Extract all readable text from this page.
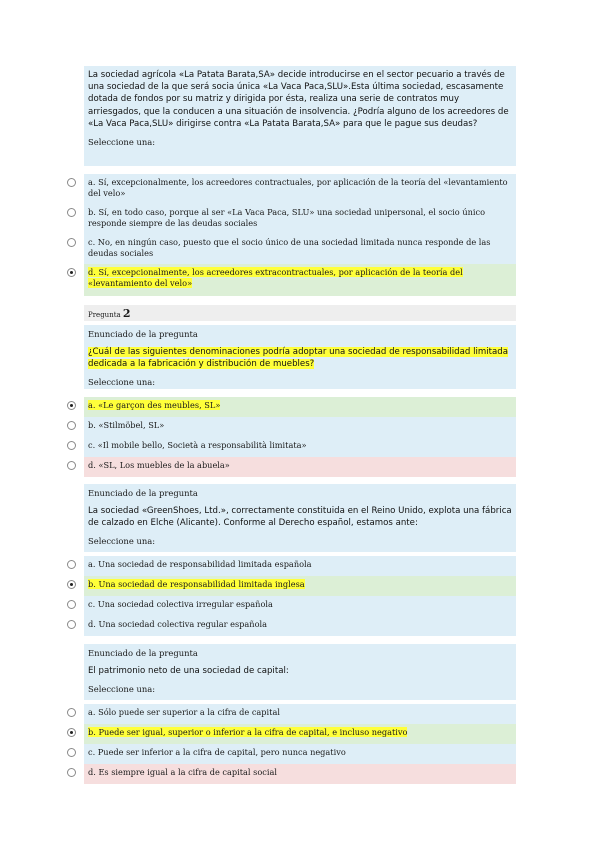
La sociedad agrícola «La Patata Barata,SA» decide introducirse en el sector pecuario a través de una sociedad de la que será socia única «La Vaca Paca,SLU».Esta última sociedad, escasamente dotada de fondos por su matriz y dirigida por ésta, realiza una serie de contratos muy arriesgados, que la conducen a una situación de insolvencia. ¿Podría alguno de los acreedores de «La Vaca Paca,SLU» dirigirse contra «La Patata Barata,SA» para que le pague sus deudas?
Seleccione una:
a. Sí, excepcionalmente, los acreedores contractuales, por aplicación de la teoría del «levantamiento del velo»
b. Sí, en todo caso, porque al ser «La Vaca Paca, SLU» una sociedad unipersonal, el socio único responde siempre de las deudas sociales
c. No, en ningún caso, puesto que el socio único de una sociedad limitada nunca responde de las deudas sociales
d. Sí, excepcionalmente, los acreedores extracontractuales, por aplicación de la teoría del «levantamiento del velo»
Pregunta 2
Enunciado de la pregunta
¿Cuál de las siguientes denominaciones podría adoptar una sociedad de responsabilidad limitada dedicada a la fabricación y distribución de muebles?
Seleccione una:
a. «Le garçon des meubles, SL»
b. «Stilmöbel, SL»
c. «Il mobile bello, Società a responsabilità limitata»
d. «SL, Los muebles de la abuela»
Enunciado de la pregunta
La sociedad «GreenShoes, Ltd.», correctamente constituida en el Reino Unido, explota una fábrica de calzado en Elche (Alicante). Conforme al Derecho español, estamos ante:
Seleccione una:
a. Una sociedad de responsabilidad limitada española
b. Una sociedad de responsabilidad limitada inglesa
c. Una sociedad colectiva irregular española
d. Una sociedad colectiva regular española
Enunciado de la pregunta
El patrimonio neto de una sociedad de capital:
Seleccione una:
a. Sólo puede ser superior a la cifra de capital
b. Puede ser igual, superior o inferior a la cifra de capital, e incluso negativo
c. Puede ser inferior a la cifra de capital, pero nunca negativo
d. Es siempre igual a la cifra de capital social
